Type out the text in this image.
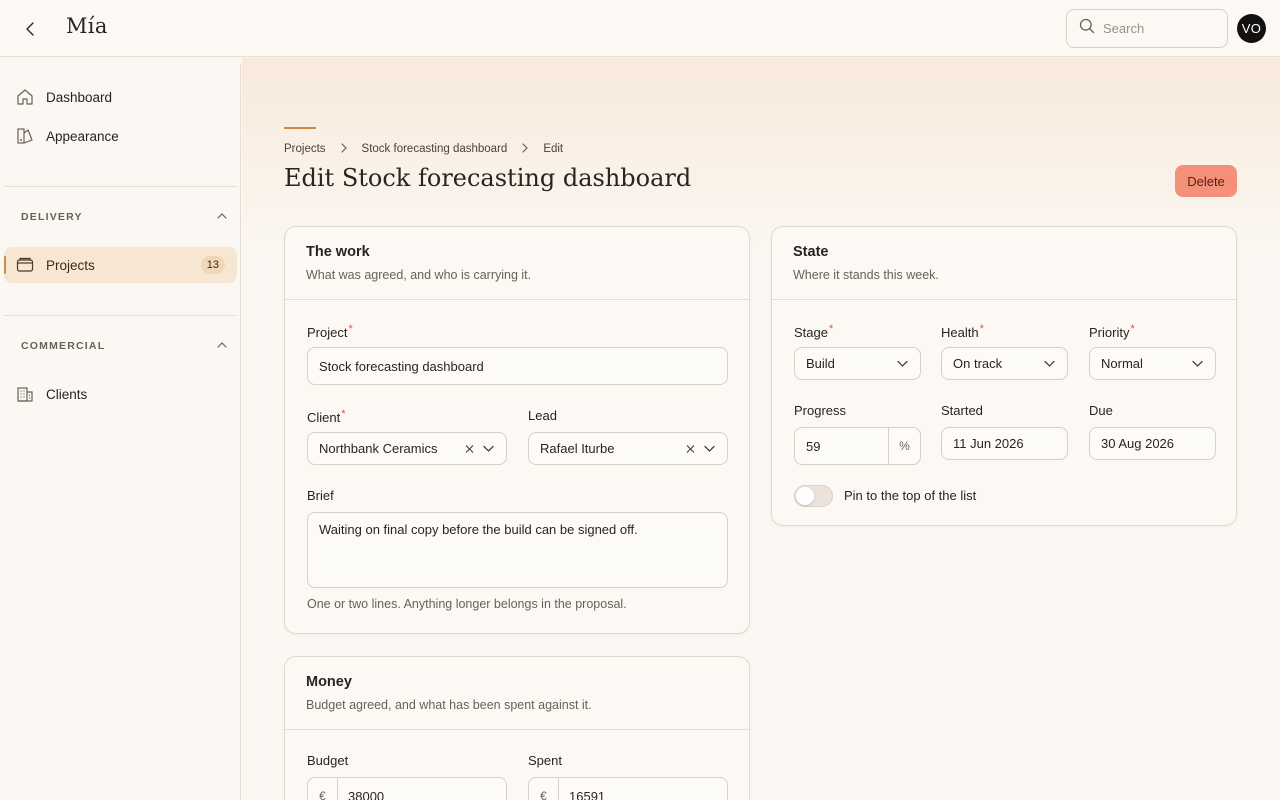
Mía
Search	VO
Dashboard
Appearance
DELIVERY
Projects	13
COMMERCIAL
Clients
Projects	Stock forecasting dashboard	Edit
Edit Stock forecasting dashboard	Delete
The work
What was agreed, and who is carrying it.
Project*
Stock forecasting dashboard
Client*
Northbank Ceramics
Lead
Rafael Iturbe
Brief
Waiting on final copy before the build can be signed off.
One or two lines. Anything longer belongs in the proposal.
State
Where it stands this week.
Stage*
Build
Health*
On track
Priority*
Normal
Progress
59
%
Started
11 Jun 2026	Due
30 Aug 2026
Pin to the top of the list
Money
Budget agreed, and what has been spent against it.
Budget
€
38000
Spent
€
16591
